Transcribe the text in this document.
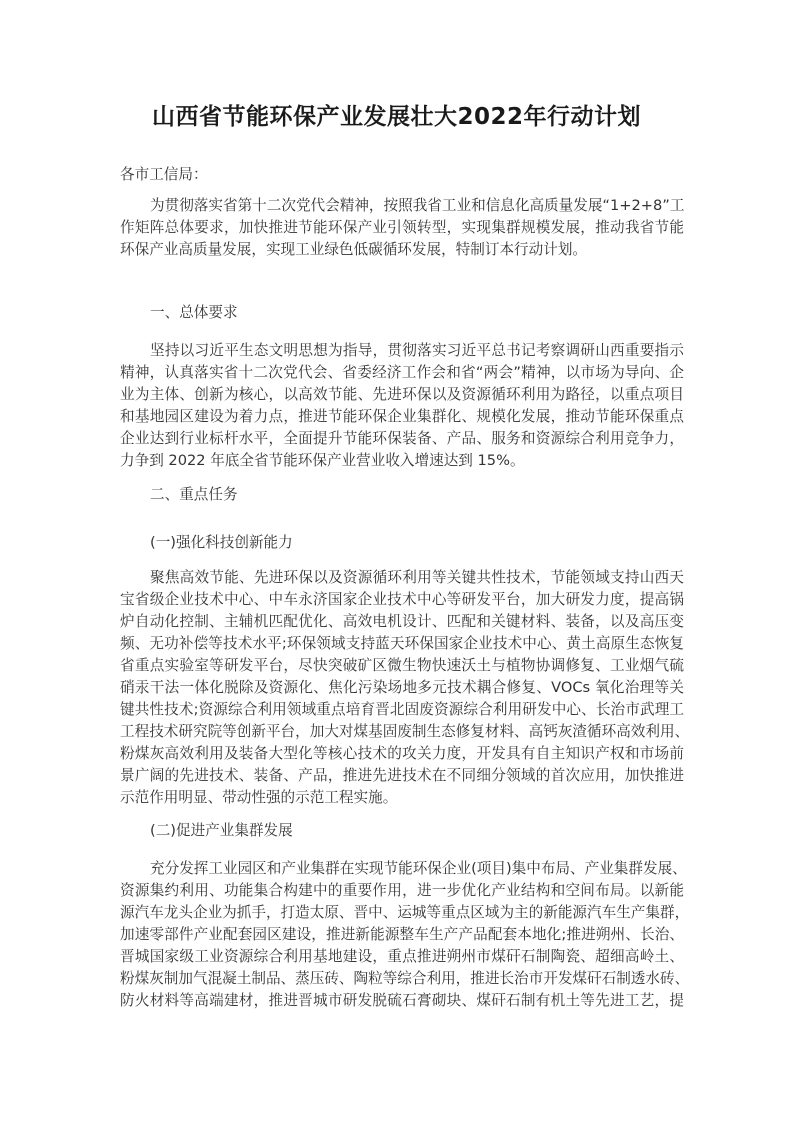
山西省节能环保产业发展壮大2022年行动计划
各市工信局：
为贯彻落实省第十二次党代会精神，按照我省工业和信息化高质量发展“1+2+8”工
作矩阵总体要求，加快推进节能环保产业引领转型，实现集群规模发展，推动我省节能
环保产业高质量发展，实现工业绿色低碳循环发展，特制订本行动计划。
一、总体要求
坚持以习近平生态文明思想为指导，贯彻落实习近平总书记考察调研山西重要指示
精神，认真落实省十二次党代会、省委经济工作会和省“两会”精神，以市场为导向、企
业为主体、创新为核心，以高效节能、先进环保以及资源循环利用为路径，以重点项目
和基地园区建设为着力点，推进节能环保企业集群化、规模化发展，推动节能环保重点
企业达到行业标杆水平，全面提升节能环保装备、产品、服务和资源综合利用竞争力，
力争到 2022 年底全省节能环保产业营业收入增速达到 15%。
二、重点任务
(一)强化科技创新能力
聚焦高效节能、先进环保以及资源循环利用等关键共性技术，节能领域支持山西天
宝省级企业技术中心、中车永济国家企业技术中心等研发平台，加大研发力度，提高锅
炉自动化控制、主辅机匹配优化、高效电机设计、匹配和关键材料、装备，以及高压变
频、无功补偿等技术水平;环保领域支持蓝天环保国家企业技术中心、黄土高原生态恢复
省重点实验室等研发平台，尽快突破矿区微生物快速沃土与植物协调修复、工业烟气硫
硝汞干法一体化脱除及资源化、焦化污染场地多元技术耦合修复、VOCs 氧化治理等关
键共性技术;资源综合利用领域重点培育晋北固废资源综合利用研发中心、长治市武理工
工程技术研究院等创新平台，加大对煤基固废制生态修复材料、高钙灰渣循环高效利用、
粉煤灰高效利用及装备大型化等核心技术的攻关力度，开发具有自主知识产权和市场前
景广阔的先进技术、装备、产品，推进先进技术在不同细分领域的首次应用，加快推进
示范作用明显、带动性强的示范工程实施。
(二)促进产业集群发展
充分发挥工业园区和产业集群在实现节能环保企业(项目)集中布局、产业集群发展、
资源集约利用、功能集合构建中的重要作用，进一步优化产业结构和空间布局。以新能
源汽车龙头企业为抓手，打造太原、晋中、运城等重点区域为主的新能源汽车生产集群，
加速零部件产业配套园区建设，推进新能源整车生产产品配套本地化;推进朔州、长治、
晋城国家级工业资源综合利用基地建设，重点推进朔州市煤矸石制陶瓷、超细高岭土、
粉煤灰制加气混凝土制品、蒸压砖、陶粒等综合利用，推进长治市开发煤矸石制透水砖、
防火材料等高端建材，推进晋城市研发脱硫石膏砌块、煤矸石制有机土等先进工艺，提
